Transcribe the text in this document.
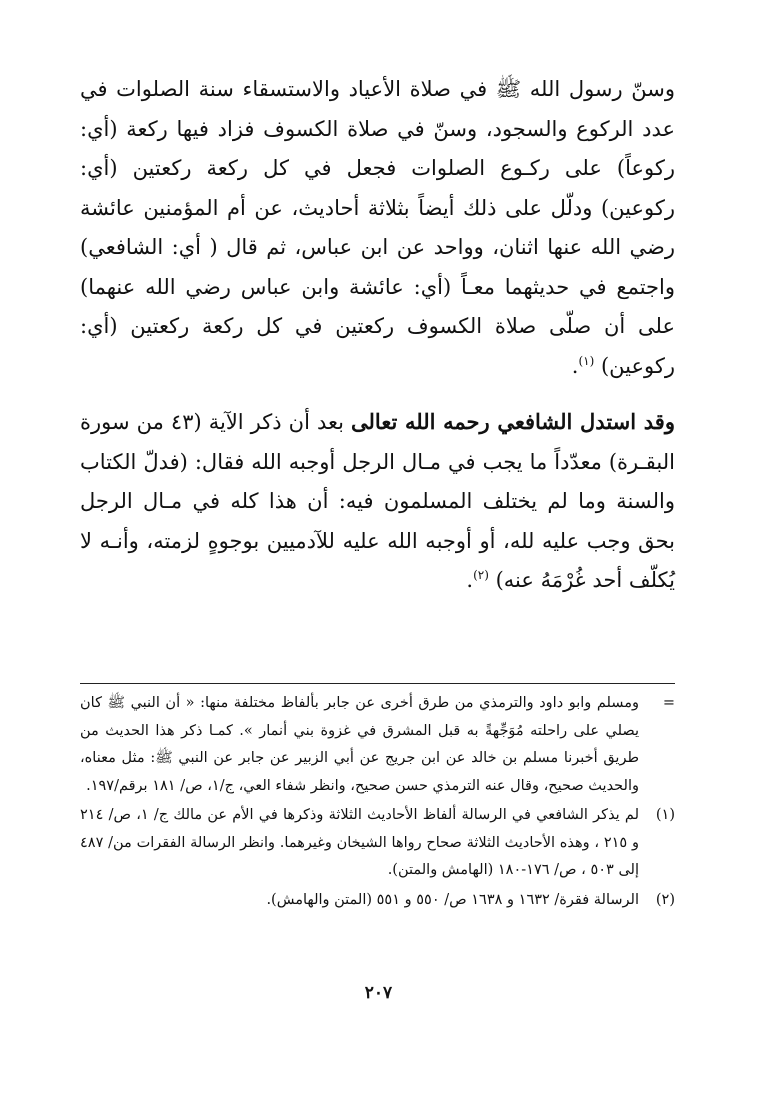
وسنّ رسول الله ﷺ في صلاة الأعياد والاستسقاء سنة الصلوات في عدد الركوع والسجود، وسنّ في صلاة الكسوف فزاد فيها ركعة (أي: ركوعاً) على ركـوع الصلوات فجعل في كل ركعة ركعتين (أي: ركوعين) ودلّل على ذلك أيضاً بثلاثة أحاديث، عن أم المؤمنين عائشة رضي الله عنها اثنان، وواحد عن ابن عباس، ثم قال ( أي: الشافعي) واجتمع في حديثهما معـاً (أي: عائشة وابن عباس رضي الله عنهما) على أن صلّى صلاة الكسوف ركعتين في كل ركعة ركعتين (أي: ركوعين) $^{(١)}$.

وقد استدل الشافعي رحمه الله تعالى بعد أن ذكر الآية (٤٣ من سورة البقـرة) معدّداً ما يجب في مـال الرجل أوجبه الله فقال: (فدلّ الكتاب والسنة وما لم يختلف المسلمون فيه: أن هذا كله في مـال الرجل بحق وجب عليه لله، أو أوجبه الله عليه للآدميين بوجوهٍ لزمته، وأنـه لا يُكلّف أحد غُرْمَهُ عنه) $^{(٢)}$.

=
ومسلم وابو داود والترمذي من طرق أخرى عن جابر بألفاظ مختلفة منها: « أن النبي ﷺ كان يصلي على راحلته مُوَجِّهةً به قبل المشرق في غزوة بني أنمار ». كمـا ذكر هذا الحديث من طريق أخبرنا مسلم بن خالد عن ابن جريج عن أبي الزبير عن جابر عن النبي ﷺ: مثل معناه، والحديث صحيح، وقال عنه الترمذي حسن صحيح، وانظر شفاء العي، ج/١، ص/ ١٨١ برقم/١٩٧.
(١)
لم يذكر الشافعي في الرسالة ألفاظ الأحاديث الثلاثة وذكرها في الأم عن مالك ج/ ١، ص/ ٢١٤ و ٢١٥ ، وهذه الأحاديث الثلاثة صحاح رواها الشيخان وغيرهما. وانظر الرسالة الفقرات من/ ٤٨٧ إلى ٥٠٣ ، ص/ ١٧٦-١٨٠ (الهامش والمتن).
(٢)
الرسالة فقرة/ ١٦٣٢ و ١٦٣٨ ص/ ٥٥٠ و ٥٥١ (المتن والهامش).
٢٠٧
